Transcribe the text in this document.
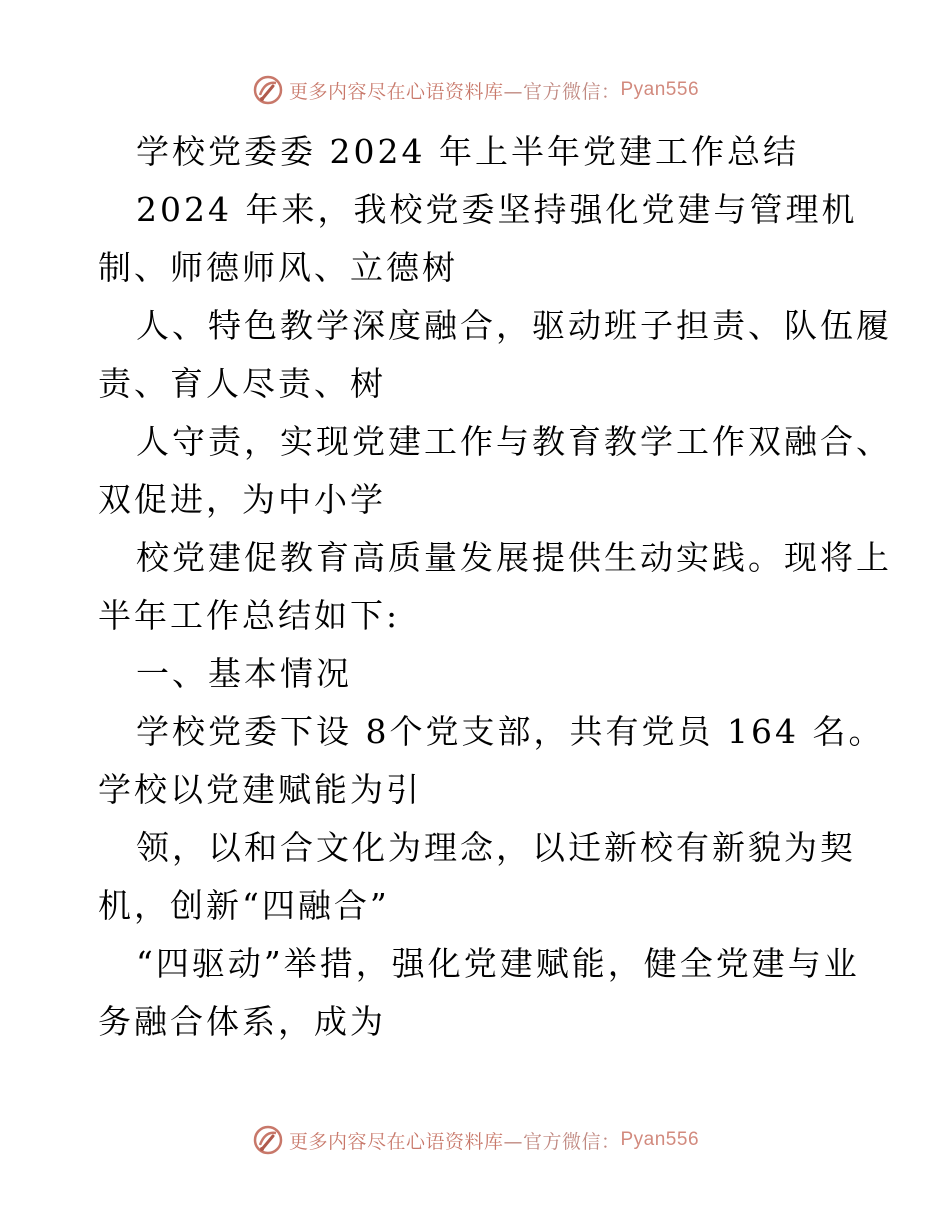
更多内容尽在心语资料库 —官方微信： Pyan556

学校党委委 2024 年上半年党建工作总结

2024 年来，我校党委坚持强化党建与管理机

制、师德师风、立德树

人、特色教学深度融合，驱动班子担责、队伍履

责、育人尽责、树

人守责，实现党建工作与教育教学工作双融合、

双促进，为中小学

校党建促教育高质量发展提供生动实践。现将上

半年工作总结如下:

一、基本情况

学校党委下设 8个党支部，共有党员 164 名。

学校以党建赋能为引

领，以和合文化为理念，以迁新校有新貌为契

机，创新“四融合”

“四驱动”举措，强化党建赋能，健全党建与业

务融合体系，成为

更多内容尽在心语资料库 —官方微信： Pyan556
